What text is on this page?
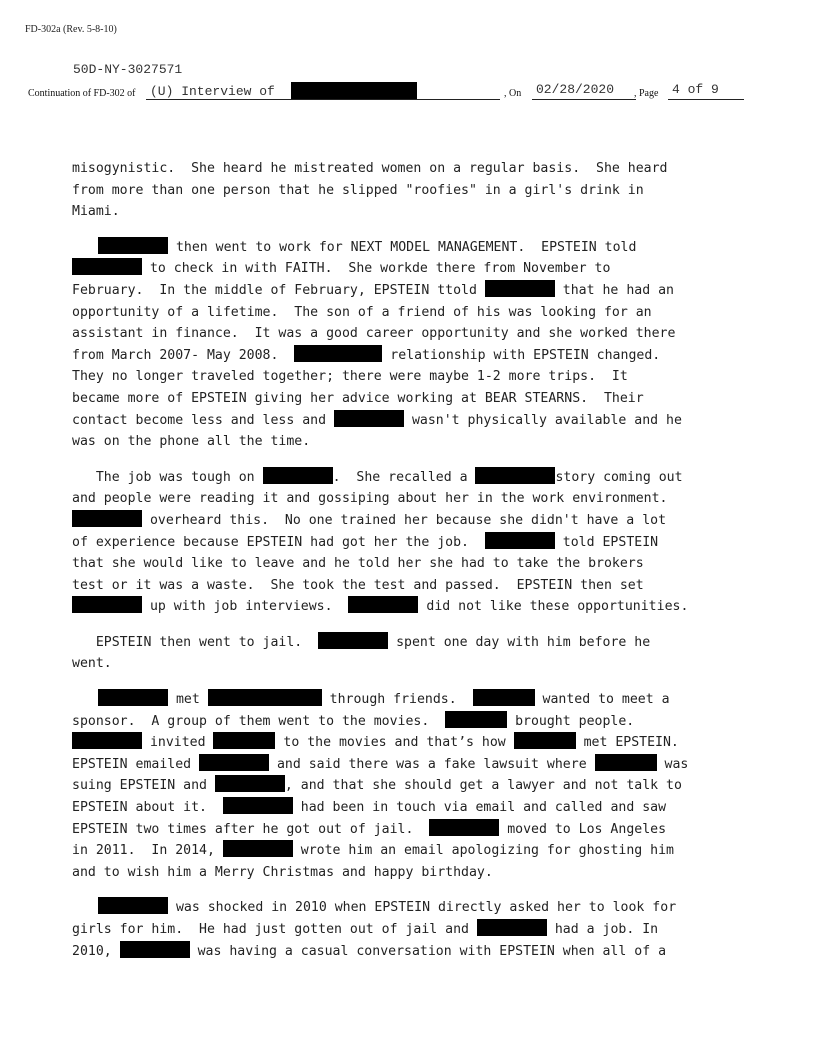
FD-302a (Rev. 5-8-10)
50D-NY-3027571
Continuation of FD-302 of	(U) Interview of	, On	02/28/2020	, Page	4 of 9
misogynistic.  She heard he mistreated women on a regular basis.  She heard
from more than one person that he slipped "roofies" in a girl's drink in
Miami.
then went to work for NEXT MODEL MANAGEMENT.  EPSTEIN told
to check in with FAITH.  She workde there from November to
February.  In the middle of February, EPSTEIN ttold	that he had an
opportunity of a lifetime.  The son of a friend of his was looking for an
assistant in finance.  It was a good career opportunity and she worked there
from March 2007- May 2008.	relationship with EPSTEIN changed.
They no longer traveled together; there were maybe 1-2 more trips.  It
became more of EPSTEIN giving her advice working at BEAR STEARNS.  Their
contact become less and less and	wasn't physically available and he
was on the phone all the time.
The job was tough on	.  She recalled a	story coming out
and people were reading it and gossiping about her in the work environment.
overheard this.  No one trained her because she didn't have a lot
of experience because EPSTEIN had got her the job.	told EPSTEIN
that she would like to leave and he told her she had to take the brokers
test or it was a waste.  She took the test and passed.  EPSTEIN then set
up with job interviews.	did not like these opportunities.
EPSTEIN then went to jail.	spent one day with him before he
went.
met	through friends.	wanted to meet a
sponsor.  A group of them went to the movies.	brought people.
invited	to the movies and that’s how	met EPSTEIN.
EPSTEIN emailed	and said there was a fake lawsuit where	was
suing EPSTEIN and	, and that she should get a lawyer and not talk to
EPSTEIN about it.	had been in touch via email and called and saw
EPSTEIN two times after he got out of jail.	moved to Los Angeles
in 2011.  In 2014,	wrote him an email apologizing for ghosting him
and to wish him a Merry Christmas and happy birthday.
was shocked in 2010 when EPSTEIN directly asked her to look for
girls for him.  He had just gotten out of jail and	had a job. In
2010,	was having a casual conversation with EPSTEIN when all of a
